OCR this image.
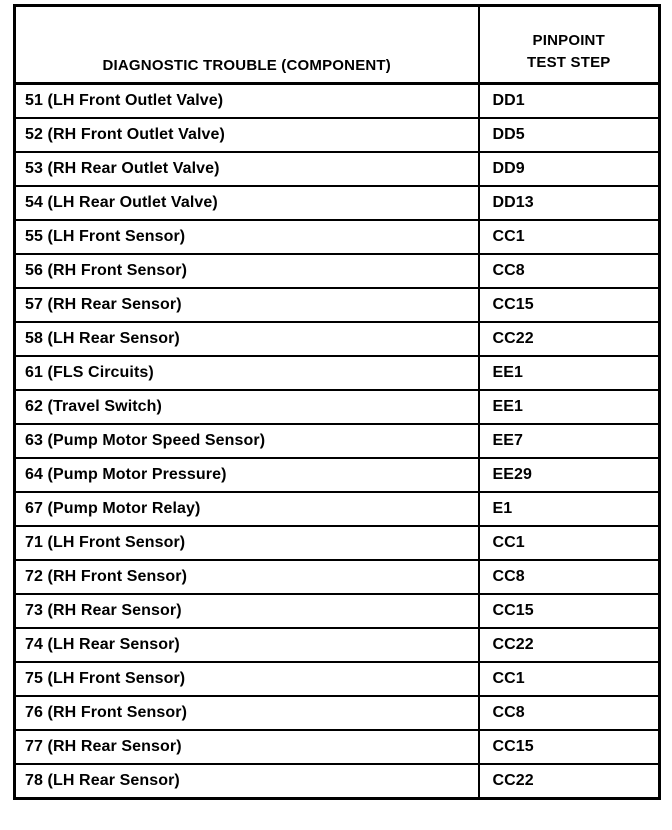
DIAGNOSTIC TROUBLE (COMPONENT)	PINPOINT
TEST STEP

51 (LH Front Outlet Valve)	DD1
52 (RH Front Outlet Valve)	DD5
53 (RH Rear Outlet Valve)	DD9
54 (LH Rear Outlet Valve)	DD13
55 (LH Front Sensor)	CC1
56 (RH Front Sensor)	CC8
57 (RH Rear Sensor)	CC15
58 (LH Rear Sensor)	CC22
61 (FLS Circuits)	EE1
62 (Travel Switch)	EE1
63 (Pump Motor Speed Sensor)	EE7
64 (Pump Motor Pressure)	EE29
67 (Pump Motor Relay)	E1
71 (LH Front Sensor)	CC1
72 (RH Front Sensor)	CC8
73 (RH Rear Sensor)	CC15
74 (LH Rear Sensor)	CC22
75 (LH Front Sensor)	CC1
76 (RH Front Sensor)	CC8
77 (RH Rear Sensor)	CC15
78 (LH Rear Sensor)	CC22
